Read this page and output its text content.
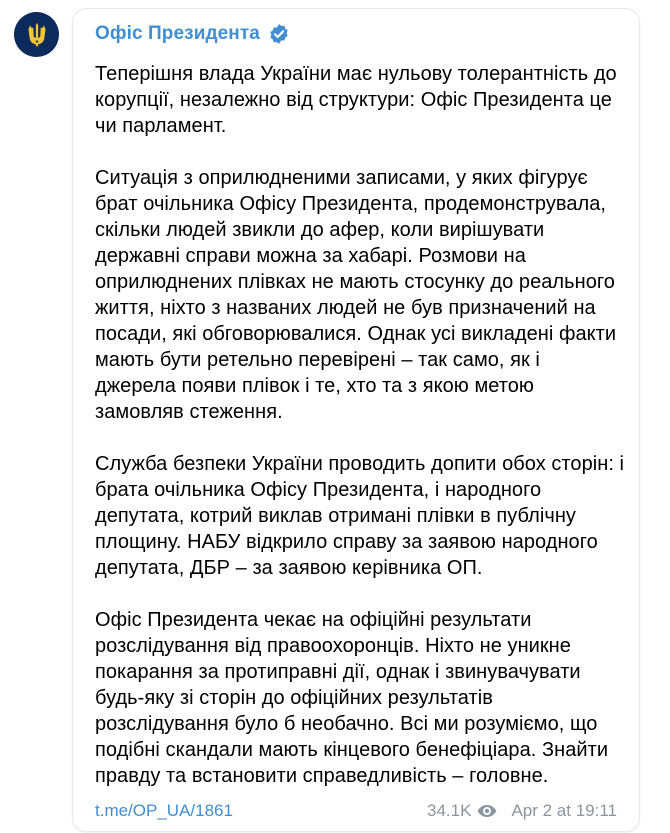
Офіс Президента

Теперішня влада України має нульову толерантність до корупції, незалежно від структури: Офіс Президента це чи парламент.

Ситуація з оприлюдненими записами, у яких фігурує брат очільника Офісу Президента, продемонструвала, скільки людей звикли до афер, коли вирішувати державні справи можна за хабарі. Розмови на оприлюднених плівках не мають стосунку до реального життя, ніхто з названих людей не був призначений на посади, які обговорювалися. Однак усі викладені факти мають бути ретельно перевірені – так само, як і джерела появи плівок і те, хто та з якою метою замовляв стеження.

Служба безпеки України проводить допити обох сторін: і брата очільника Офісу Президента, і народного депутата, котрий виклав отримані плівки в публічну площину. НАБУ відкрило справу за заявою народного депутата, ДБР – за заявою керівника ОП.

Офіс Президента чекає на офіційні результати розслідування від правоохоронців. Ніхто не уникне покарання за протиправні дії, однак і звинувачувати будь-яку зі сторін до офіційних результатів розслідування було б необачно. Всі ми розуміємо, що подібні скандали мають кінцевого бенефіціара. Знайти правду та встановити справедливість – головне.

t.me/OP_UA/1861	34.1K Apr 2 at 19:11
